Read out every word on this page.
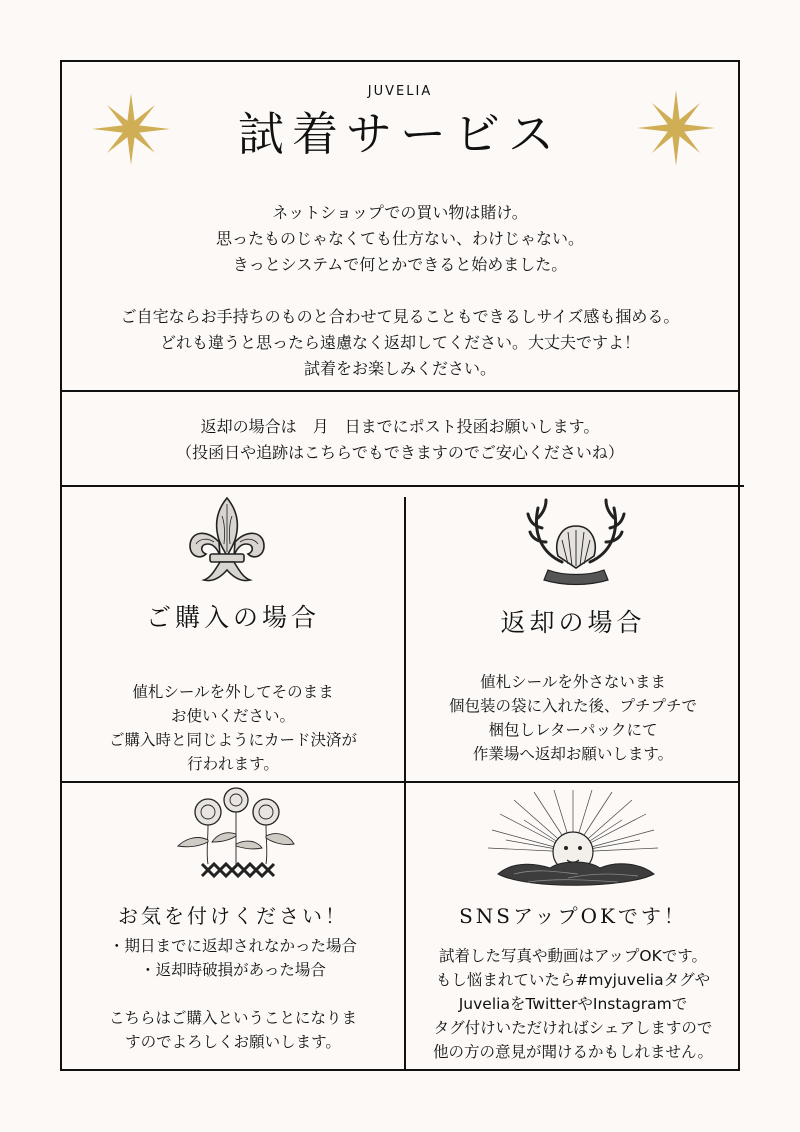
JUVELIA
試着サービス
ネットショップでの買い物は賭け。
思ったものじゃなくても仕方ない、わけじゃない。
きっとシステムで何とかできると始めました。
ご自宅ならお手持ちのものと合わせて見ることもできるしサイズ感も掴める。
どれも違うと思ったら遠慮なく返却してください。大丈夫ですよ！
試着をお楽しみください。
返却の場合は　月　日までにポスト投函お願いします。
（投函日や追跡はこちらでもできますのでご安心くださいね）
ご購入の場合
値札シールを外してそのまま
お使いください。
ご購入時と同じようにカード決済が
行われます。
返却の場合
値札シールを外さないまま
個包装の袋に入れた後、プチプチで
梱包しレターパックにて
作業場へ返却お願いします。
お気を付けください！
・期日までに返却されなかった場合
・返却時破損があった場合
こちらはご購入ということになりま
すのでよろしくお願いします。
SNSアップOKです！
試着した写真や動画はアップOKです。
もし悩まれていたら#myjuveliaタグや
JuveliaをTwitterやInstagramで
タグ付けいただければシェアしますので
他の方の意見が聞けるかもしれません。
